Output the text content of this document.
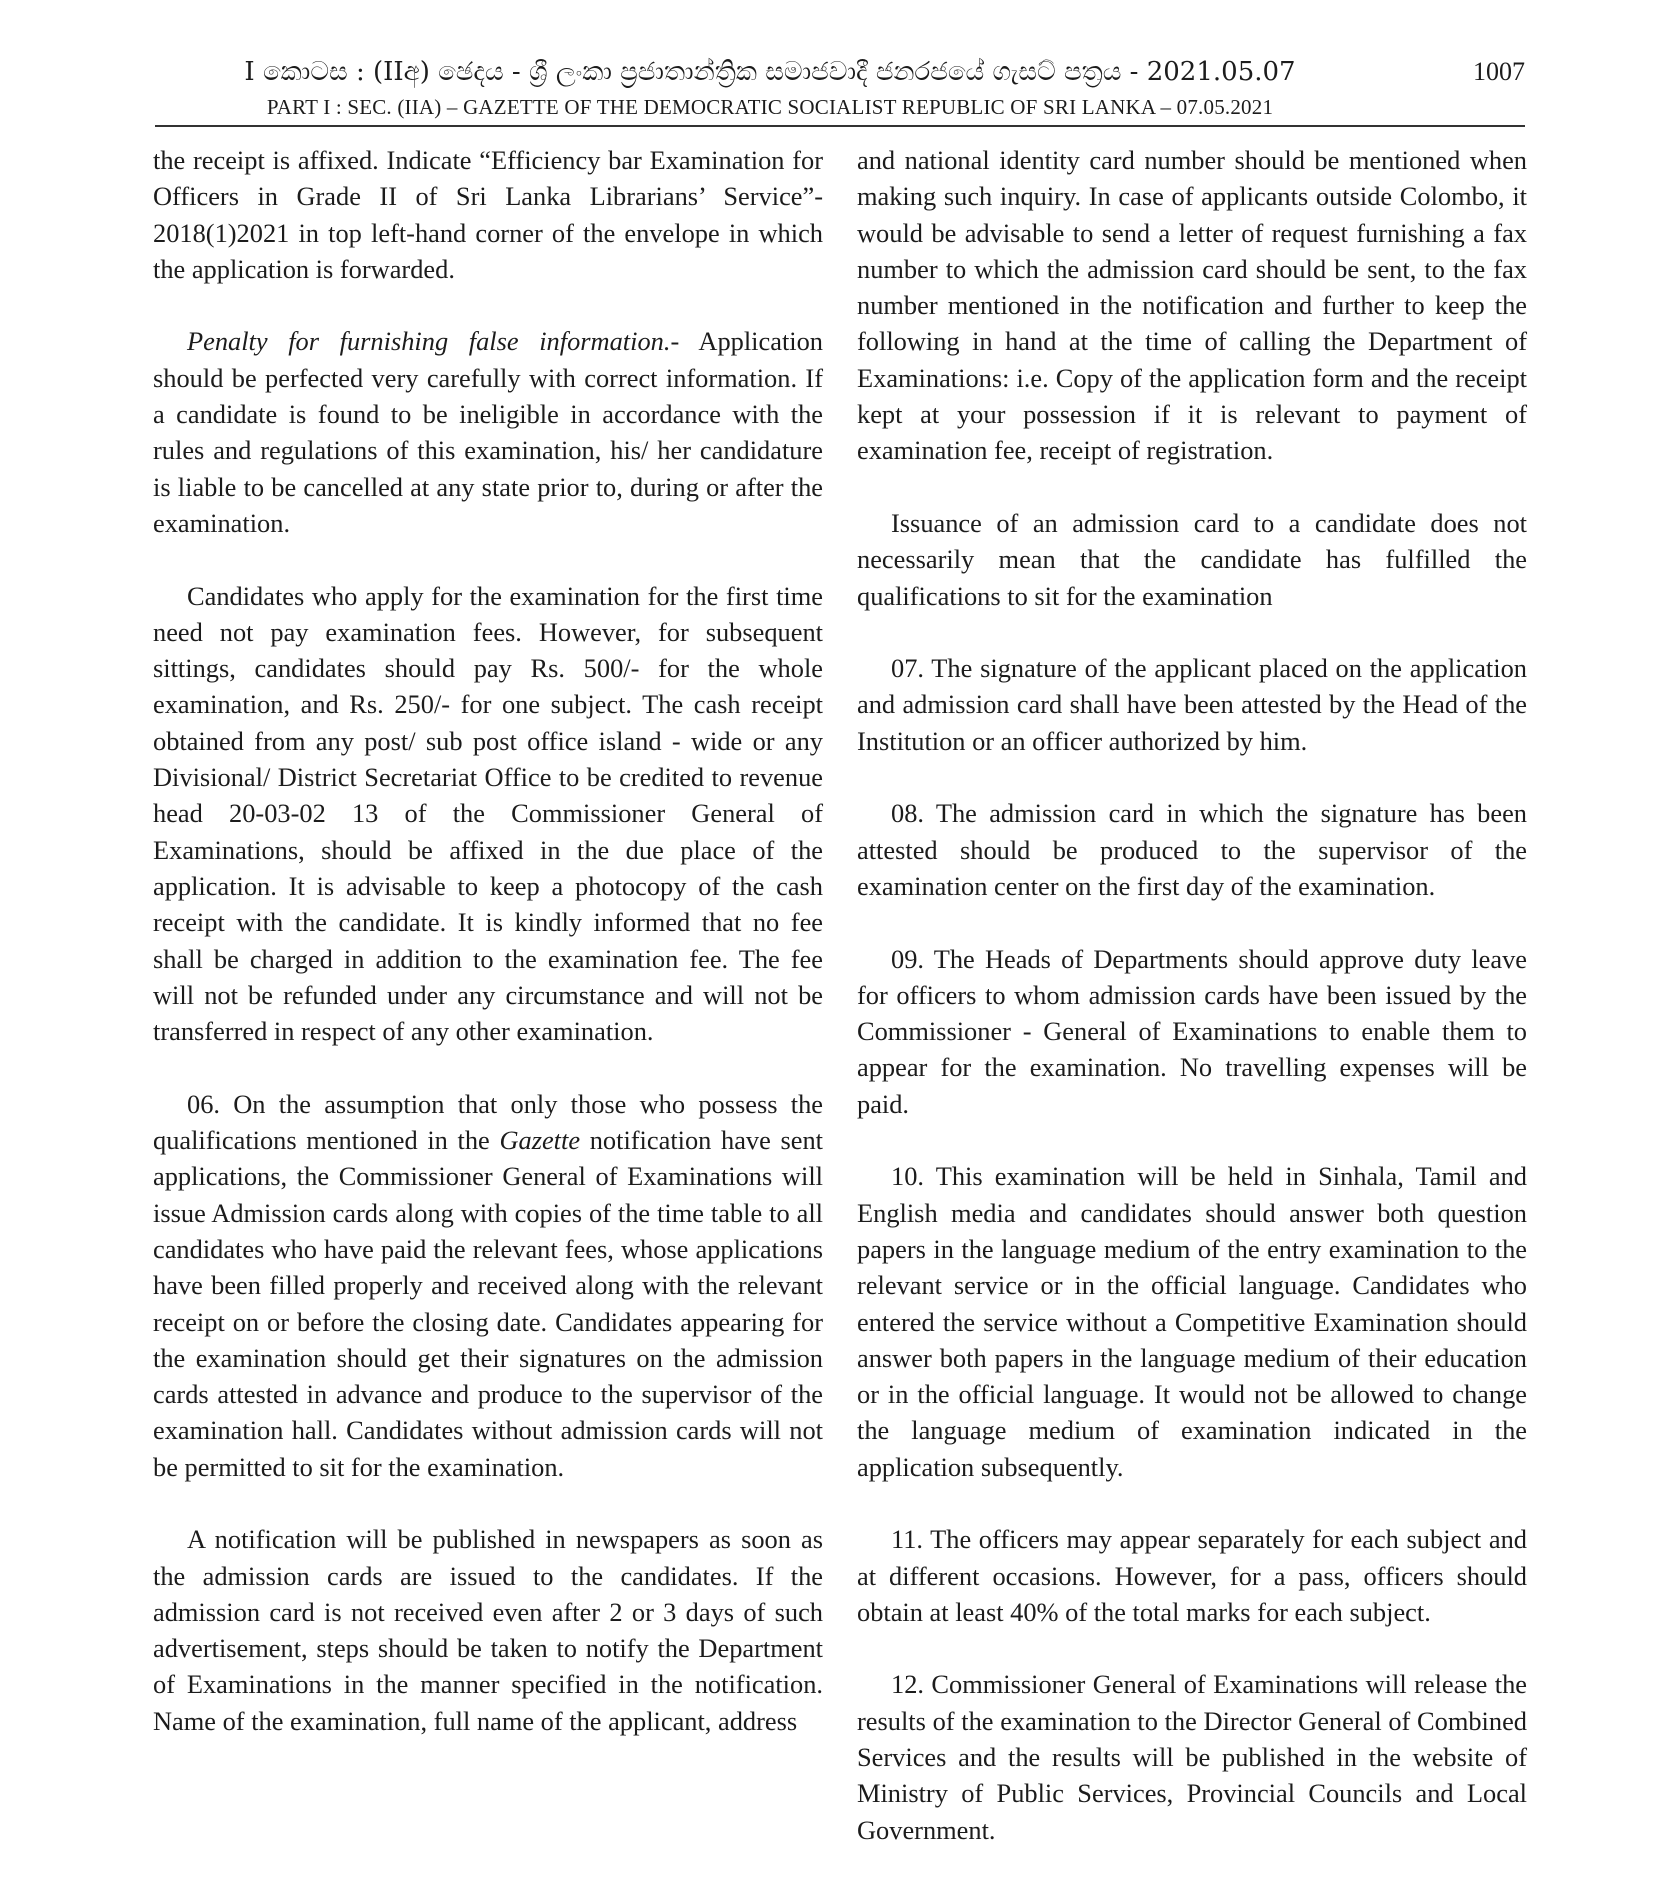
I කොටස : (IIඅ) ඡෙදය - ශ්‍රී ලංකා ප්‍රජාතාන්ත්‍රික සමාජවාදී ජනරජයේ ගැසට් පත්‍රය - 2021.05.07	1007
PART I : SEC. (IIA) – GAZETTE OF THE DEMOCRATIC SOCIALIST REPUBLIC OF SRI LANKA – 07.05.2021

the receipt is affixed. Indicate “Efficiency bar Examination for Officers in Grade II of Sri Lanka Librarians’ Service”- 2018(1)2021 in top left-hand corner of the envelope in which the application is forwarded.

Penalty for furnishing false information.- Application should be perfected very carefully with correct information. If a candidate is found to be ineligible in accordance with the rules and regulations of this examination, his/ her candidature is liable to be cancelled at any state prior to, during or after the examination.

Candidates who apply for the examination for the first time need not pay examination fees. However, for subsequent sittings, candidates should pay Rs. 500/- for the whole examination, and Rs. 250/- for one subject. The cash receipt obtained from any post/ sub post office island - wide or any Divisional/ District Secretariat Office to be credited to revenue head 20-03-02 13 of the Commissioner General of Examinations, should be affixed in the due place of the application. It is advisable to keep a photocopy of the cash receipt with the candidate. It is kindly informed that no fee shall be charged in addition to the examination fee. The fee will not be refunded under any circumstance and will not be transferred in respect of any other examination.

06. On the assumption that only those who possess the qualifications mentioned in the Gazette notification have sent applications, the Commissioner General of Examinations will issue Admission cards along with copies of the time table to all candidates who have paid the relevant fees, whose applications have been filled properly and received along with the relevant receipt on or before the closing date. Candidates appearing for the examination should get their signatures on the admission cards attested in advance and produce to the supervisor of the examination hall. Candidates without admission cards will not be permitted to sit for the examination.

A notification will be published in newspapers as soon as the admission cards are issued to the candidates. If the admission card is not received even after 2 or 3 days of such advertisement, steps should be taken to notify the Department of Examinations in the manner specified in the notification. Name of the examination, full name of the applicant, address

and national identity card number should be mentioned when making such inquiry. In case of applicants outside Colombo, it would be advisable to send a letter of request furnishing a fax number to which the admission card should be sent, to the fax number mentioned in the notification and further to keep the following in hand at the time of calling the Department of Examinations: i.e. Copy of the application form and the receipt kept at your possession if it is relevant to payment of examination fee, receipt of registration.

Issuance of an admission card to a candidate does not necessarily mean that the candidate has fulfilled the qualifications to sit for the examination

07. The signature of the applicant placed on the application and admission card shall have been attested by the Head of the Institution or an officer authorized by him.

08. The admission card in which the signature has been attested should be produced to the supervisor of the examination center on the first day of the examination.

09. The Heads of Departments should approve duty leave for officers to whom admission cards have been issued by the Commissioner - General of Examinations to enable them to appear for the examination. No travelling expenses will be paid.

10. This examination will be held in Sinhala, Tamil and English media and candidates should answer both question papers in the language medium of the entry examination to the relevant service or in the official language. Candidates who entered the service without a Competitive Examination should answer both papers in the language medium of their education or in the official language. It would not be allowed to change the language medium of examination indicated in the application subsequently.

11. The officers may appear separately for each subject and at different occasions. However, for a pass, officers should obtain at least 40% of the total marks for each subject.

12. Commissioner General of Examinations will release the results of the examination to the Director General of Combined Services and the results will be published in the website of Ministry of Public Services, Provincial Councils and Local Government.
